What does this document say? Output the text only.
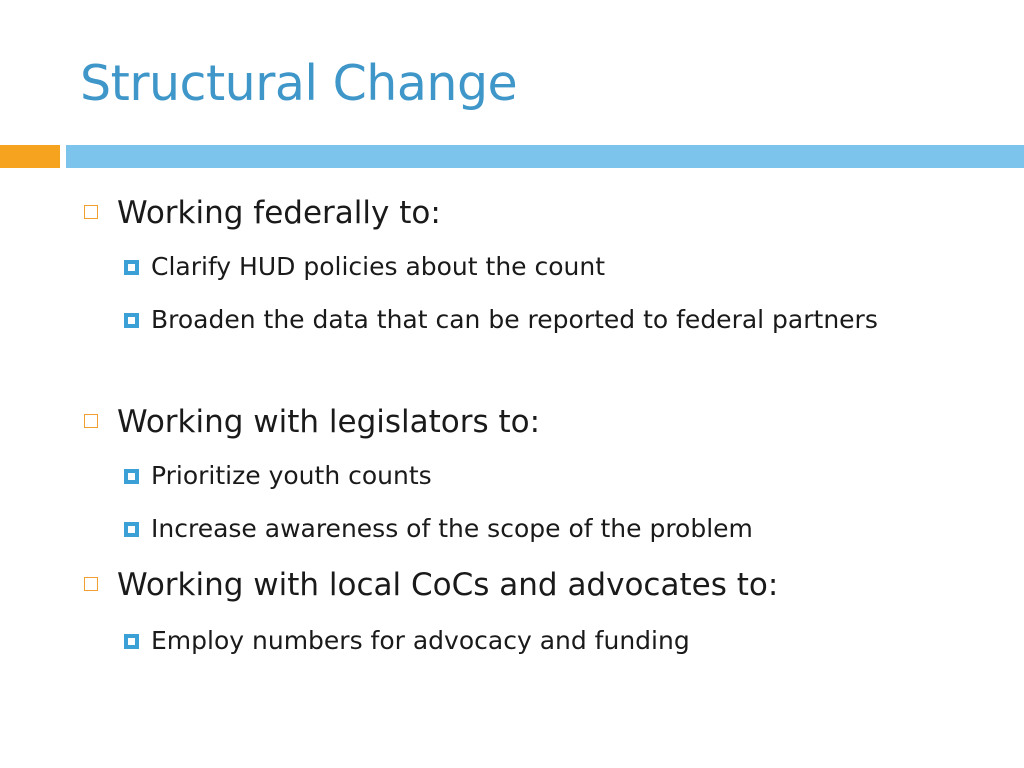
Structural Change
Working federally to:
Clarify HUD policies about the count
Broaden the data that can be reported to federal partners
Working with legislators to:
Prioritize youth counts
Increase awareness of the scope of the problem
Working with local CoCs and advocates to:
Employ numbers for advocacy and funding
